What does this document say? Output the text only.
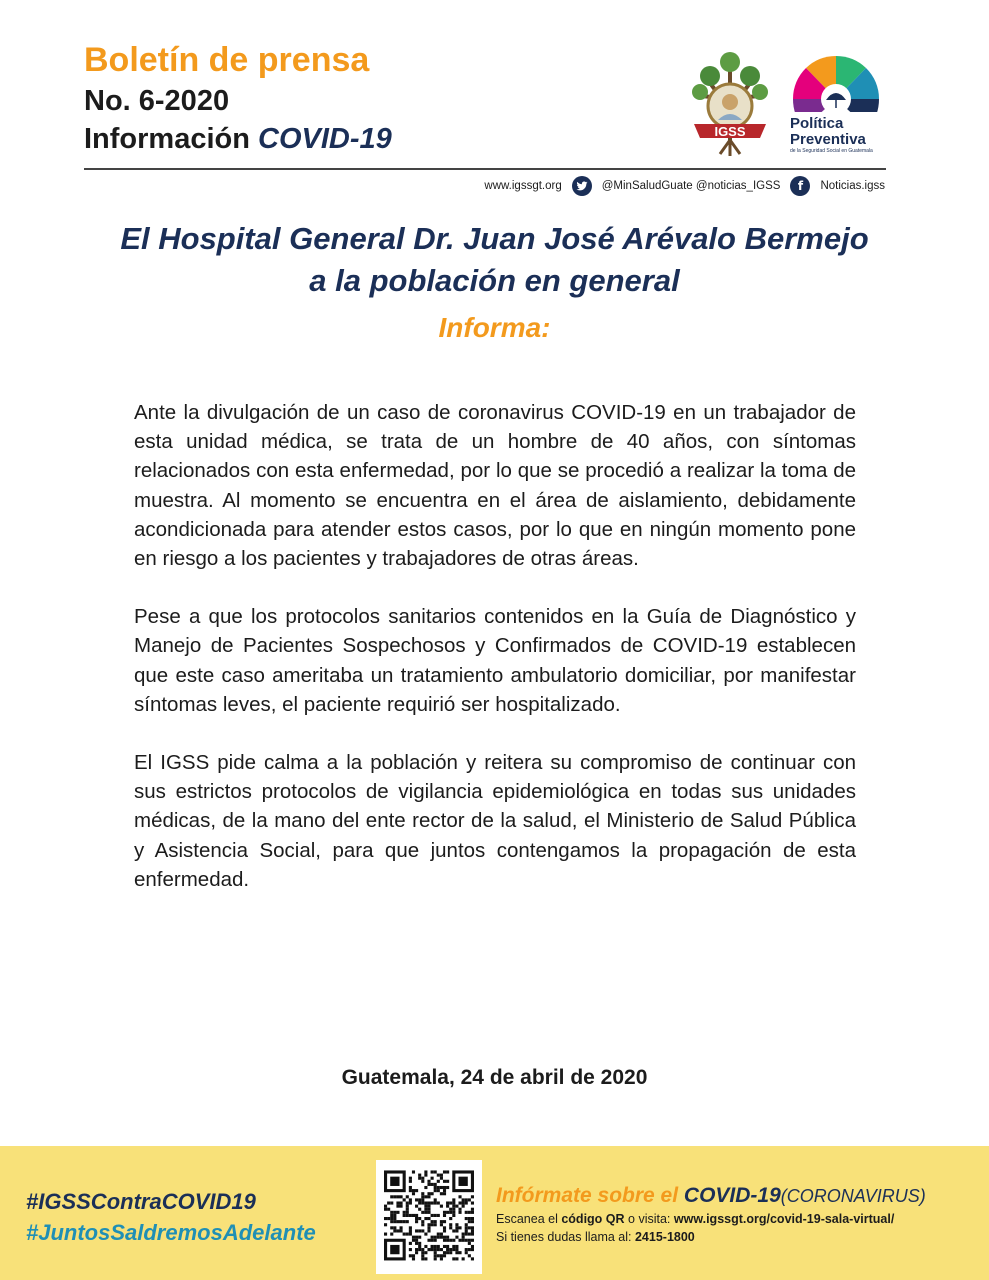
Boletín de prensa
No. 6-2020
Información COVID-19	IGSS	Política
Preventiva
de la Seguridad Social en Guatemala
www.igssgt.org	@MinSaludGuate @noticias_IGSS	f	Noticias.igss
El Hospital General Dr. Juan José Arévalo Bermejo
a la población en general
Informa:

Ante la divulgación de un caso de coronavirus COVID-19 en un trabajador de esta unidad médica, se trata de un hombre de 40 años, con síntomas relacionados con esta enfermedad, por lo que se procedió a realizar la toma de muestra. Al momento se encuentra en el área de aislamiento, debidamente acondicionada para atender estos casos, por lo que en ningún momento pone en riesgo a los pacientes y trabajadores de otras áreas.

Pese a que los protocolos sanitarios contenidos en la Guía de Diagnóstico y Manejo de Pacientes Sospechosos y Confirmados de COVID-19 establecen que este caso ameritaba un tratamiento ambulatorio domiciliar, por manifestar síntomas leves, el paciente requirió ser hospitalizado.

El IGSS pide calma a la población y reitera su compromiso de continuar con sus estrictos protocolos de vigilancia epidemiológica en todas sus unidades médicas, de la mano del ente rector de la salud, el Ministerio de Salud Pública y Asistencia Social, para que juntos contengamos la propagación de esta enfermedad.

Guatemala, 24 de abril de 2020
#IGSSContraCOVID19
#JuntosSaldremosAdelante
Infórmate sobre el COVID-19(CORONAVIRUS)
Escanea el código QR o visita: www.igssgt.org/covid-19-sala-virtual/
Si tienes dudas llama al: 2415-1800
